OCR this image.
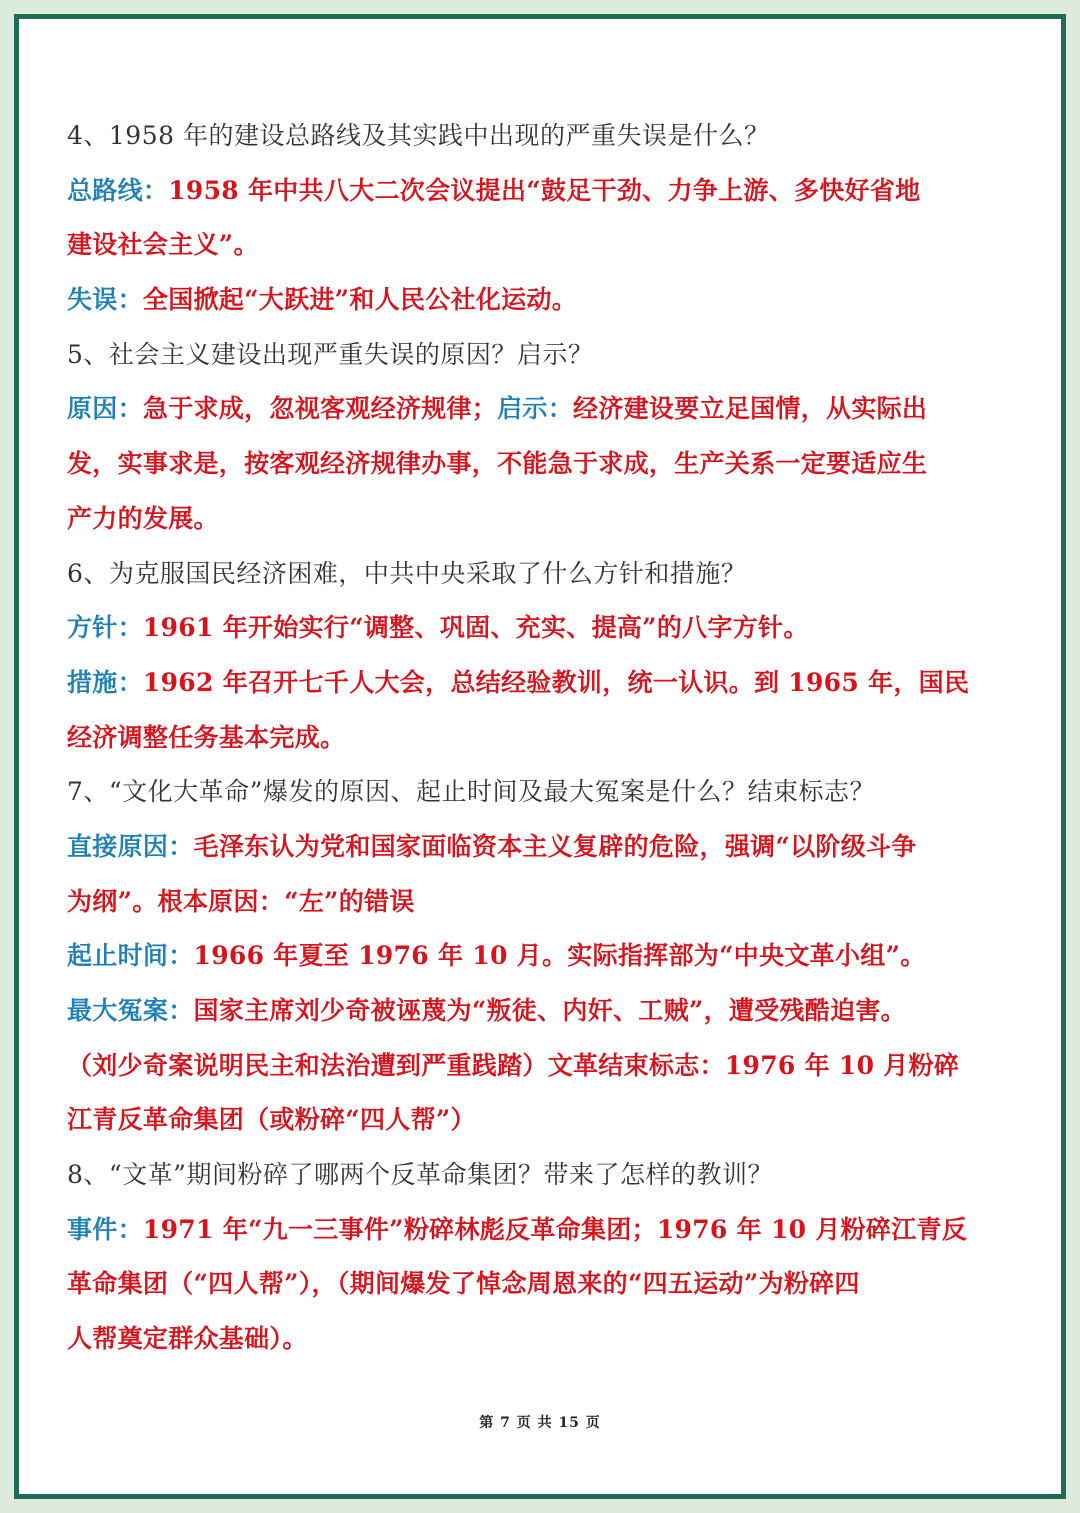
4、1958 年的建设总路线及其实践中出现的严重失误是什么？
总路线：1958 年中共八大二次会议提出“鼓足干劲、力争上游、多快好省地
建设社会主义”。
失误：全国掀起“大跃进”和人民公社化运动。
5、社会主义建设出现严重失误的原因？启示？
原因：急于求成，忽视客观经济规律；启示：经济建设要立足国情，从实际出
发，实事求是，按客观经济规律办事，不能急于求成，生产关系一定要适应生
产力的发展。
6、为克服国民经济困难，中共中央采取了什么方针和措施？
方针：1961 年开始实行“调整、巩固、充实、提高”的八字方针。
措施：1962 年召开七千人大会，总结经验教训，统一认识。到 1965 年，国民
经济调整任务基本完成。
7、“文化大革命”爆发的原因、起止时间及最大冤案是什么？结束标志？
直接原因：毛泽东认为党和国家面临资本主义复辟的危险，强调“以阶级斗争
为纲”。根本原因：“左”的错误
起止时间：1966 年夏至 1976 年 10 月。实际指挥部为“中央文革小组”。
最大冤案：国家主席刘少奇被诬蔑为“叛徒、内奸、工贼”，遭受残酷迫害。
（刘少奇案说明民主和法治遭到严重践踏）文革结束标志：1976 年 10 月粉碎
江青反革命集团（或粉碎“四人帮”）
8、“文革”期间粉碎了哪两个反革命集团？带来了怎样的教训？
事件：1971 年“九一三事件”粉碎林彪反革命集团；1976 年 10 月粉碎江青反
革命集团（“四人帮”），（期间爆发了悼念周恩来的“四五运动”为粉碎四
人帮奠定群众基础）。
第 7 页 共 15 页
